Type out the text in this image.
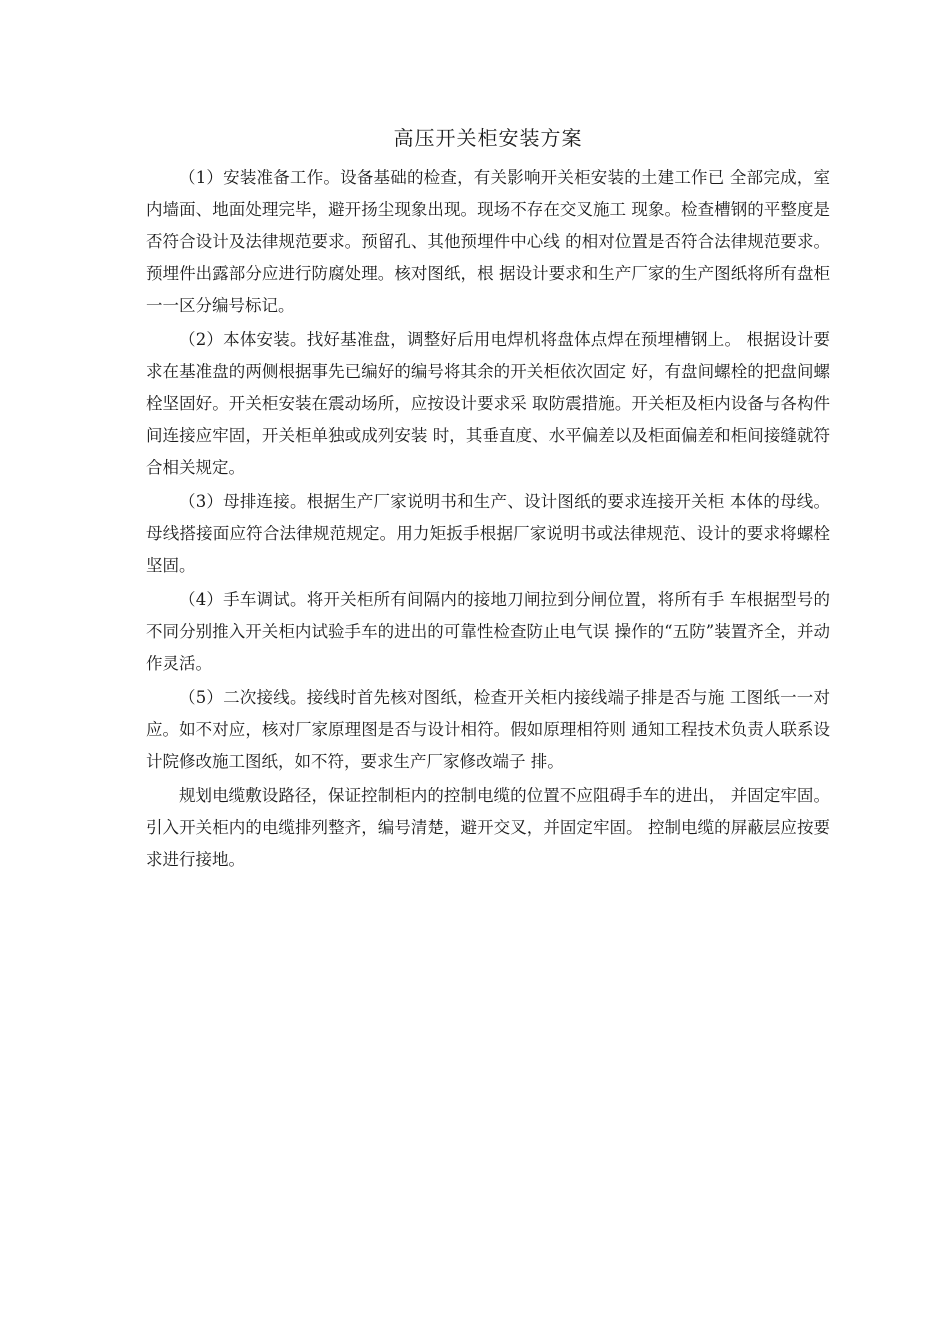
高压开关柜安装方案

（1）安装准备工作。设备基础的检查，有关影响开关柜安装的土建工作已 全部完成，室内墙面、地面处理完毕，避开扬尘现象出现。现场不存在交叉施工 现象。检查槽钢的平整度是否符合设计及法律规范要求。预留孔、其他预埋件中心线 的相对位置是否符合法律规范要求。预埋件出露部分应进行防腐处理。核对图纸，根 据设计要求和生产厂家的生产图纸将所有盘柜一一区分编号标记。

（2）本体安装。找好基准盘，调整好后用电焊机将盘体点焊在预埋槽钢上。 根据设计要求在基准盘的两侧根据事先已编好的编号将其余的开关柜依次固定 好，有盘间螺栓的把盘间螺栓坚固好。开关柜安装在震动场所，应按设计要求采 取防震措施。开关柜及柜内设备与各构件间连接应牢固，开关柜单独或成列安装 时，其垂直度、水平偏差以及柜面偏差和柜间接缝就符合相关规定。

（3）母排连接。根据生产厂家说明书和生产、设计图纸的要求连接开关柜 本体的母线。母线搭接面应符合法律规范规定。用力矩扳手根据厂家说明书或法律规范、设计的要求将螺栓坚固。

（4）手车调试。将开关柜所有间隔内的接地刀闸拉到分闸位置，将所有手 车根据型号的不同分别推入开关柜内试验手车的进出的可靠性检查防止电气误 操作的“五防”装置齐全，并动作灵活。

（5）二次接线。接线时首先核对图纸，检查开关柜内接线端子排是否与施 工图纸一一对应。如不对应，核对厂家原理图是否与设计相符。假如原理相符则 通知工程技术负责人联系设计院修改施工图纸，如不符，要求生产厂家修改端子 排。

规划电缆敷设路径，保证控制柜内的控制电缆的位置不应阻碍手车的进出， 并固定牢固。引入开关柜内的电缆排列整齐，编号清楚，避开交叉，并固定牢固。 控制电缆的屏蔽层应按要求进行接地。
